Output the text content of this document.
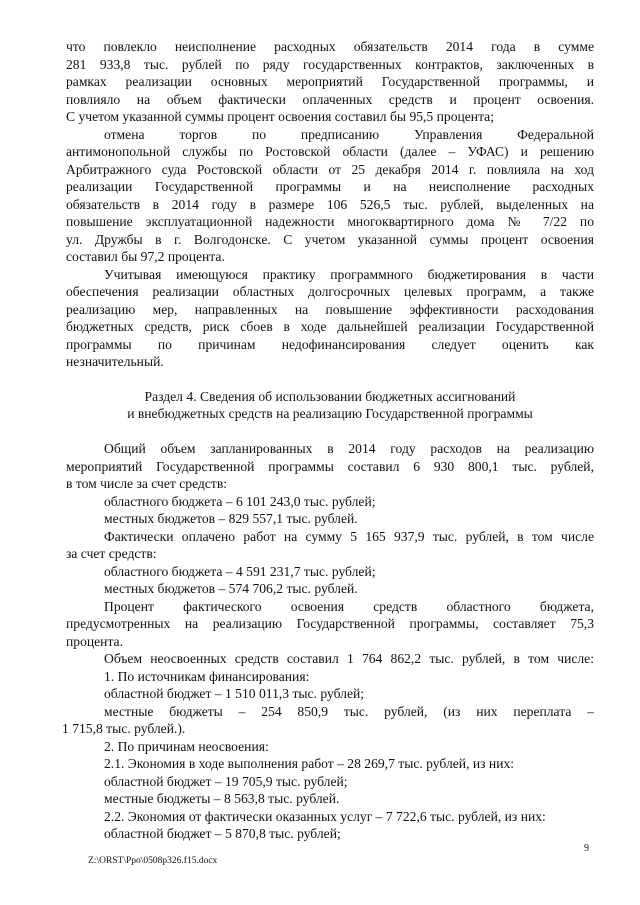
что повлекло неисполнение расходных обязательств 2014 года в сумме
281 933,8 тыс. рублей по ряду государственных контрактов, заключенных в
рамках реализации основных мероприятий Государственной программы, и
повлияло на объем фактически оплаченных средств и процент освоения.
С учетом указанной суммы процент освоения составил бы 95,5 процента;
отмена торгов по предписанию Управления Федеральной
антимонопольной службы по Ростовской области (далее – УФАС) и решению
Арбитражного суда Ростовской области от 25 декабря 2014 г. повлияла на ход
реализации Государственной программы и на неисполнение расходных
обязательств в 2014 году в размере 106 526,5 тыс. рублей, выделенных на
повышение эксплуатационной надежности многоквартирного дома № 7/22 по
ул. Дружбы в г. Волгодонске. С учетом указанной суммы процент освоения
составил бы 97,2 процента.
Учитывая имеющуюся практику программного бюджетирования в части
обеспечения реализации областных долгосрочных целевых программ, а также
реализацию мер, направленных на повышение эффективности расходования
бюджетных средств, риск сбоев в ходе дальнейшей реализации Государственной
программы по причинам недофинансирования следует оценить как
незначительный.
Раздел 4. Сведения об использовании бюджетных ассигнований
и внебюджетных средств на реализацию Государственной программы
Общий объем запланированных в 2014 году расходов на реализацию
мероприятий Государственной программы составил 6 930 800,1 тыс. рублей,
в том числе за счет средств:
областного бюджета – 6 101 243,0 тыс. рублей;
местных бюджетов – 829 557,1 тыс. рублей.
Фактически оплачено работ на сумму 5 165 937,9 тыс. рублей, в том числе
за счет средств:
областного бюджета – 4 591 231,7 тыс. рублей;
местных бюджетов – 574 706,2 тыс. рублей.
Процент фактического освоения средств областного бюджета,
предусмотренных на реализацию Государственной программы, составляет 75,3
процента.
Объем неосвоенных средств составил 1 764 862,2 тыс. рублей, в том числе:
1. По источникам финансирования:
областной бюджет – 1 510 011,3 тыс. рублей;
местные бюджеты – 254 850,9 тыс. рублей, (из них переплата –
1 715,8 тыс. рублей.).
2. По причинам неосвоения:
2.1. Экономия в ходе выполнения работ – 28 269,7 тыс. рублей, из них:
областной бюджет – 19 705,9 тыс. рублей;
местные бюджеты – 8 563,8 тыс. рублей.
2.2. Экономия от фактически оказанных услуг – 7 722,6 тыс. рублей, из них:
областной бюджет – 5 870,8 тыс. рублей;
9
Z:\ORST\Ppo\0508p326.f15.docx
